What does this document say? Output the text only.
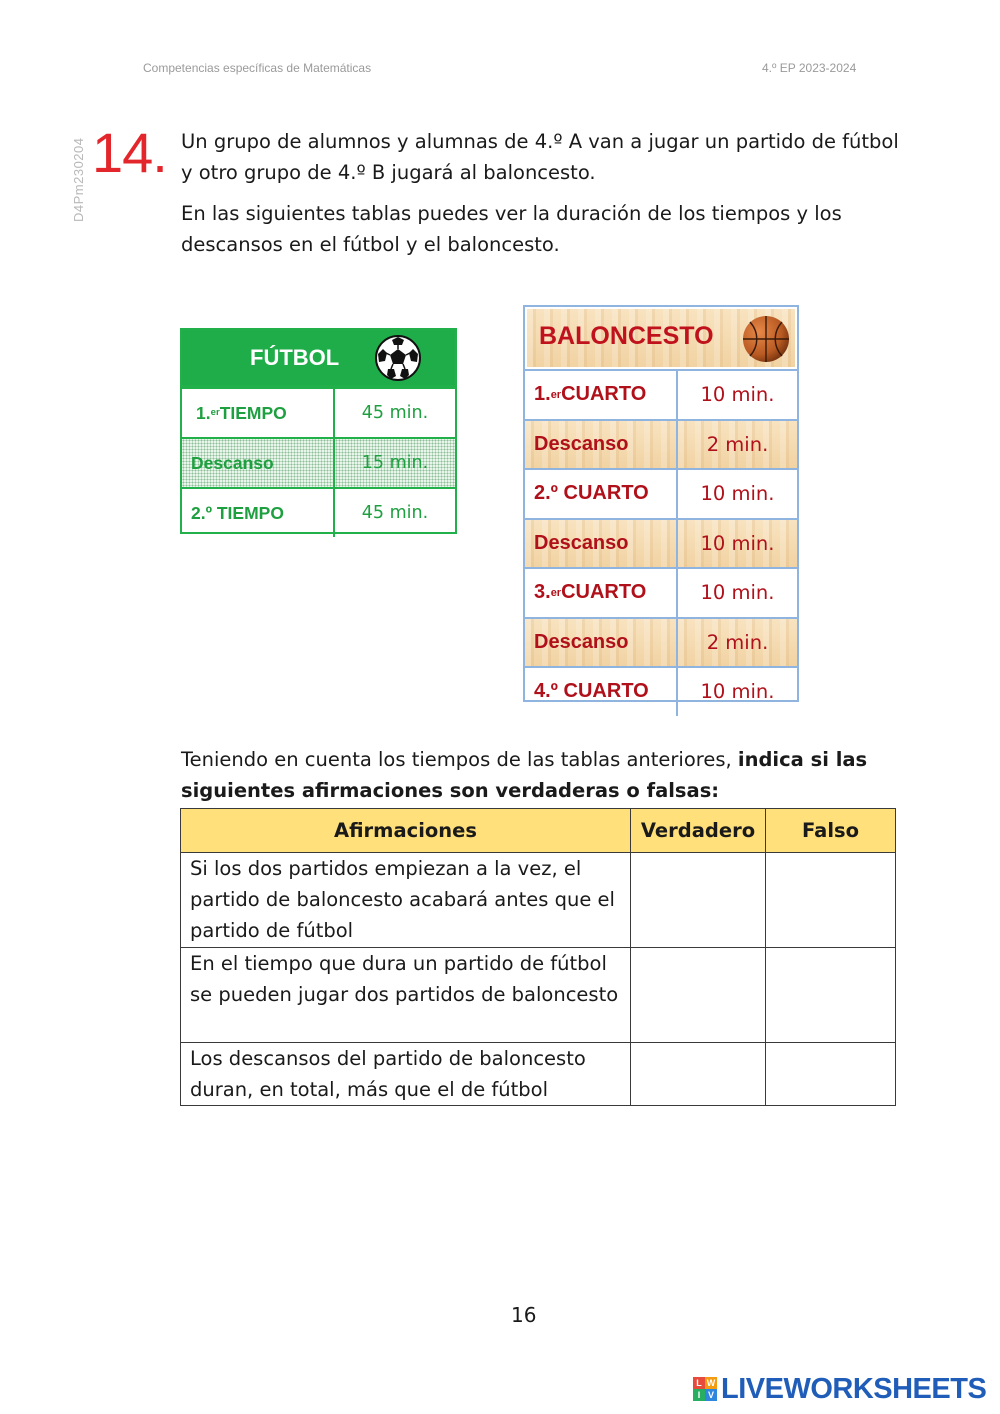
Competencias específicas de Matemáticas	4.º EP 2023-2024
D4Pm230204 14. Un grupo de alumnos y alumnas de 4.º A van a jugar un partido de fútbol y otro grupo de 4.º B jugará al baloncesto.
En las siguientes tablas puedes ver la duración de los tiempos y los descansos en el fútbol y el baloncesto.
FÚTBOL
1. er TIEMPO	45 min.
Descanso	15 min.
2.º TIEMPO	45 min.
BALONCESTO
1. er CUARTO	10 min.
Descanso	2 min.
2.º CUARTO	10 min.
Descanso	10 min.
3. er CUARTO	10 min.
Descanso	2 min.
4.º CUARTO	10 min.
Teniendo en cuenta los tiempos de las tablas anteriores, indica si las siguientes afirmaciones son verdaderas o falsas:
Afirmaciones	Verdadero	Falso
Si los dos partidos empiezan a la vez, el partido de baloncesto acabará antes que el partido de fútbol		
En el tiempo que dura un partido de fútbol se pueden jugar dos partidos de baloncesto		
Los descansos del partido de baloncesto duran, en total, más que el de fútbol		
16
L W
I V LIVEWORKSHEETS
